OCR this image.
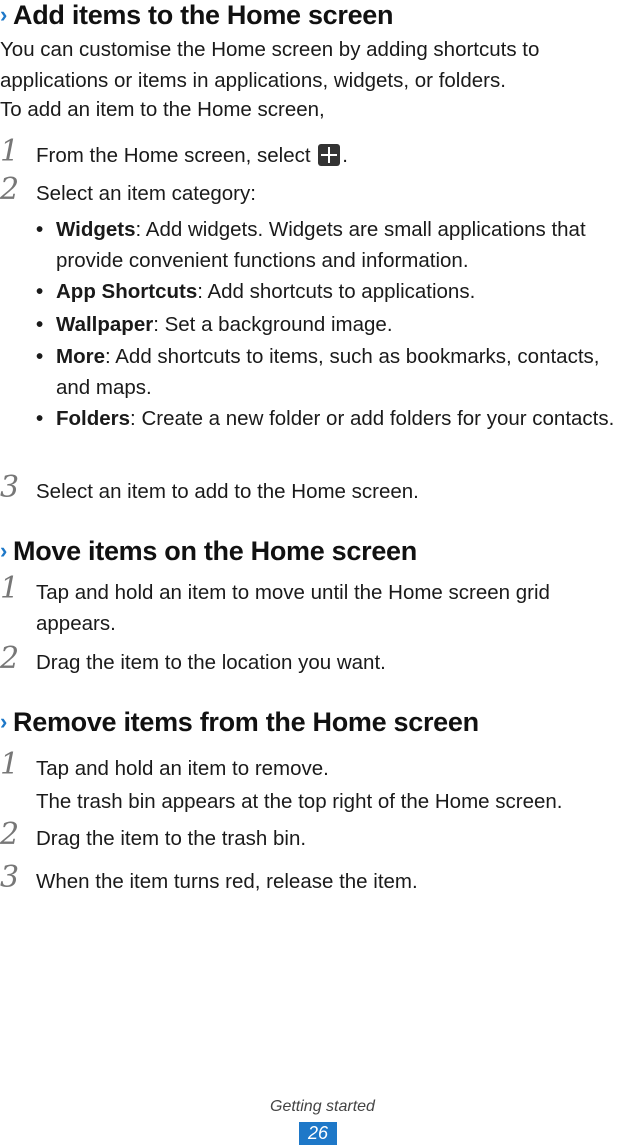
› Add items to the Home screen
You can customise the Home screen by adding shortcuts to applications or items in applications, widgets, or folders.
To add an item to the Home screen,
1 From the Home screen, select .
2 Select an item category:
• Widgets: Add widgets. Widgets are small applications that provide convenient functions and information.
• App Shortcuts: Add shortcuts to applications.
• Wallpaper: Set a background image.
• More: Add shortcuts to items, such as bookmarks, contacts, and maps.
• Folders: Create a new folder or add folders for your contacts.
3 Select an item to add to the Home screen.
› Move items on the Home screen
1 Tap and hold an item to move until the Home screen grid appears.
2 Drag the item to the location you want.
› Remove items from the Home screen
1 Tap and hold an item to remove.
The trash bin appears at the top right of the Home screen.
2 Drag the item to the trash bin.
3 When the item turns red, release the item.
Getting started
26
